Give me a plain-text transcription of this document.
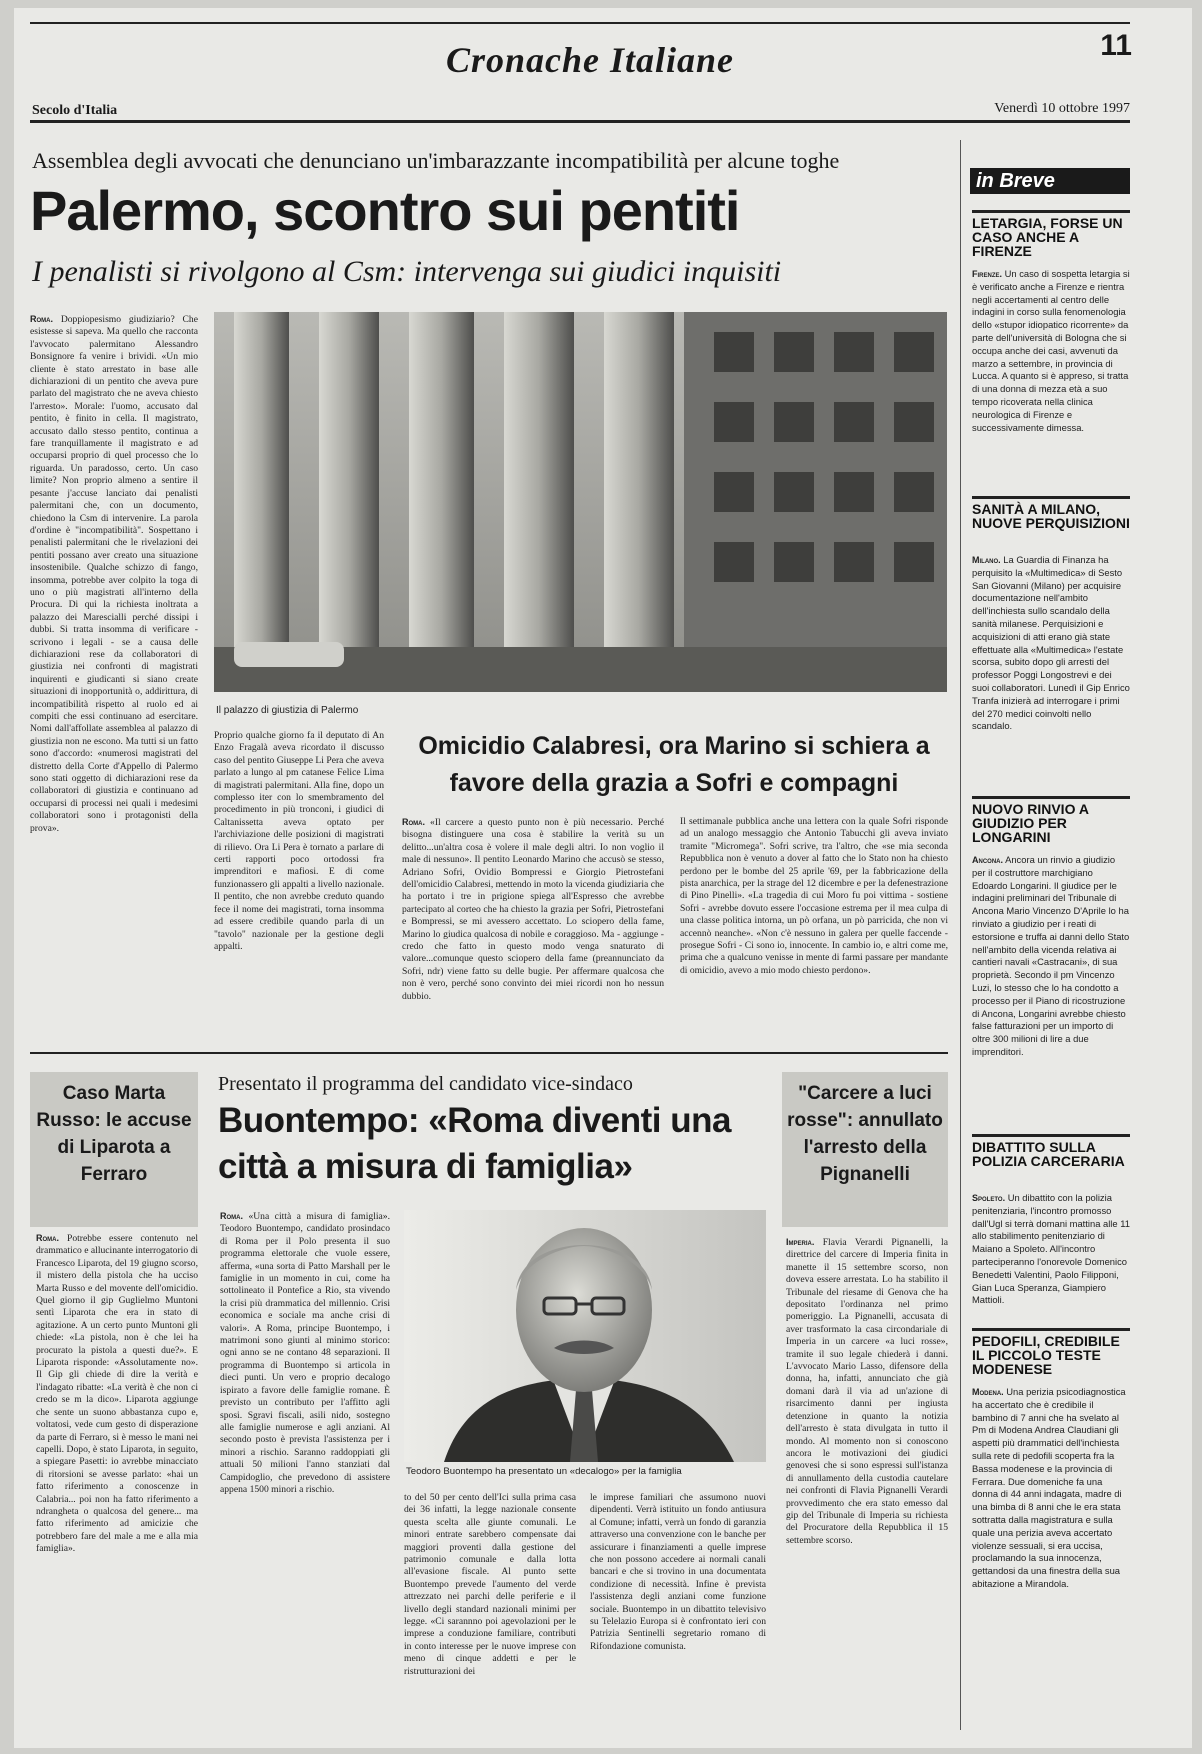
Cronache Italiane	11
Secolo d'Italia	Venerdì 10 ottobre 1997
Assemblea degli avvocati che denunciano un'imbarazzante incompatibilità per alcune toghe
Palermo, scontro sui pentiti
I penalisti si rivolgono al Csm: intervenga sui giudici inquisiti
Roma. Doppiopesismo giudiziario? Che esistesse si sapeva. Ma quello che racconta l'avvocato palermitano Alessandro Bonsignore fa venire i brividi. «Un mio cliente è stato arrestato in base alle dichiarazioni di un pentito che aveva pure parlato del magistrato che ne aveva chiesto l'arresto». Morale: l'uomo, accusato dal pentito, è finito in cella. Il magistrato, accusato dallo stesso pentito, continua a fare tranquillamente il magistrato e ad occuparsi proprio di quel processo che lo riguarda. Un paradosso, certo. Un caso limite? Non proprio almeno a sentire il pesante j'accuse lanciato dai penalisti palermitani che, con un documento, chiedono la Csm di intervenire. La parola d'ordine è "incompatibilità". Sospettano i penalisti palermitani che le rivelazioni dei pentiti possano aver creato una situazione insostenibile. Qualche schizzo di fango, insomma, potrebbe aver colpito la toga di uno o più magistrati all'interno della Procura. Di qui la richiesta inoltrata a palazzo dei Marescialli perché dissipi i dubbi. Si tratta insomma di verificare - scrivono i legali - se a causa delle dichiarazioni rese da collaboratori di giustizia nei confronti di magistrati inquirenti e giudicanti si siano create situazioni di inopportunità o, addirittura, di incompatibilità rispetto al ruolo ed ai compiti che essi continuano ad esercitare. Nomi dall'affollate assemblea al palazzo di giustizia non ne escono. Ma tutti si un fatto sono d'accordo: «numerosi magistrati del distretto della Corte d'Appello di Palermo sono stati oggetto di dichiarazioni rese da collaboratori di giustizia e continuano ad occuparsi di processi nei quali i medesimi collaboratori sono i protagonisti della prova».
Il palazzo di giustizia di Palermo
Proprio qualche giorno fa il deputato di An Enzo Fragalà aveva ricordato il discusso caso del pentito Giuseppe Li Pera che aveva parlato a lungo al pm catanese Felice Lima di magistrati palermitani. Alla fine, dopo un complesso iter con lo smembramento del procedimento in più tronconi, i giudici di Caltanissetta aveva optato per l'archiviazione delle posizioni di magistrati di rilievo. Ora Li Pera è tornato a parlare di certi rapporti poco ortodossi fra imprenditori e mafiosi. E di come funzionassero gli appalti a livello nazionale. Il pentito, che non avrebbe creduto quando fece il nome dei magistrati, torna insomma ad essere credibile quando parla di un "tavolo" nazionale per la gestione degli appalti.
Omicidio Calabresi, ora Marino si schiera a favore della grazia a Sofri e compagni
Roma. «Il carcere a questo punto non è più necessario. Perché bisogna distinguere una cosa è stabilire la verità su un delitto...un'altra cosa è volere il male degli altri. Io non voglio il male di nessuno». Il pentito Leonardo Marino che accusò se stesso, Adriano Sofri, Ovidio Bompressi e Giorgio Pietrostefani dell'omicidio Calabresi, mettendo in moto la vicenda giudiziaria che ha portato i tre in prigione spiega all'Espresso che avrebbe partecipato al corteo che ha chiesto la grazia per Sofri, Pietrostefani e Bompressi, se mi avessero accettato. Lo sciopero della fame, Marino lo giudica qualcosa di nobile e coraggioso. Ma - aggiunge - credo che fatto in questo modo venga snaturato di valore...comunque questo sciopero della fame (preannunciato da Sofri, ndr) viene fatto su delle bugie. Per affermare qualcosa che non è vero, perché sono convinto dei miei ricordi non ho nessun dubbio.
Il settimanale pubblica anche una lettera con la quale Sofri risponde ad un analogo messaggio che Antonio Tabucchi gli aveva inviato tramite "Micromega". Sofri scrive, tra l'altro, che «se mia seconda Repubblica non è venuto a dover al fatto che lo Stato non ha chiesto perdono per le bombe del 25 aprile '69, per la fabbricazione della pista anarchica, per la strage del 12 dicembre e per la defenestrazione di Pino Pinelli». «La tragedia di cui Moro fu poi vittima - sostiene Sofri - avrebbe dovuto essere l'occasione estrema per il mea culpa di una classe politica intorna, un pò orfana, un pò parricida, che non vi accennò neanche». «Non c'è nessuno in galera per quelle faccende - prosegue Sofri - Ci sono io, innocente. In cambio io, e altri come me, prima che a qualcuno venisse in mente di farmi passare per mandante di omicidio, avevo a mio modo chiesto perdono».
Caso Marta Russo: le accuse di Liparota a Ferraro
Roma. Potrebbe essere contenuto nel drammatico e allucinante interrogatorio di Francesco Liparota, del 19 giugno scorso, il mistero della pistola che ha ucciso Marta Russo e del movente dell'omicidio. Quel giorno il gip Guglielmo Muntoni sentì Liparota che era in stato di agitazione. A un certo punto Muntoni gli chiede: «La pistola, non è che lei ha procurato la pistola a questi due?». E Liparota risponde: «Assolutamente no». Il Gip gli chiede di dire la verità e l'indagato ribatte: «La verità è che non ci credo se m la dico». Liparota aggiunge che sente un suono abbastanza cupo e, voltatosi, vede cum gesto di disperazione da parte di Ferraro, si è messo le mani nei capelli. Dopo, è stato Liparota, in seguito, a spiegare Pasetti: io avrebbe minacciato di ritorsioni se avesse parlato: «hai un fatto riferimento a conoscenze in Calabria... poi non ha fatto riferimento a ndrangheta o qualcosa del genere... ma fatto riferimento ad amicizie che potrebbero fare del male a me e alla mia famiglia».
Presentato il programma del candidato vice-sindaco
Buontempo: «Roma diventi una città a misura di famiglia»
Roma. «Una città a misura di famiglia». Teodoro Buontempo, candidato prosindaco di Roma per il Polo presenta il suo programma elettorale che vuole essere, afferma, «una sorta di Patto Marshall per le famiglie in un momento in cui, come ha sottolineato il Pontefice a Rio, sta vivendo la crisi più drammatica del millennio. Crisi economica e sociale ma anche crisi di valori». A Roma, principe Buontempo, i matrimoni sono giunti al minimo storico: ogni anno se ne contano 48 separazioni. Il programma di Buontempo si articola in dieci punti. Un vero e proprio decalogo ispirato a favore delle famiglie romane. È previsto un contributo per l'affitto agli sposi. Sgravi fiscali, asili nido, sostegno alle famiglie numerose e agli anziani. Al secondo posto è prevista l'assistenza per i minori a rischio. Saranno raddoppiati gli attuali 50 milioni l'anno stanziati dal Campidoglio, che prevedono di assistere appena 1500 minori a rischio.
Teodoro Buontempo ha presentato un «decalogo» per la famiglia
to del 50 per cento dell'Ici sulla prima casa dei 36 infatti, la legge nazionale consente questa scelta alle giunte comunali. Le minori entrate sarebbero compensate dai maggiori proventi dalla gestione del patrimonio comunale e dalla lotta all'evasione fiscale. Al punto sette Buontempo prevede l'aumento del verde attrezzato nei parchi delle periferie e il livello degli standard nazionali minimi per legge. «Ci sarannno poi agevolazioni per le imprese a conduzione familiare, contributi in conto interesse per le nuove imprese con meno di cinque addetti e per le ristrutturazioni dei
le imprese familiari che assumono nuovi dipendenti. Verrà istituito un fondo antiusura al Comune; infatti, verrà un fondo di garanzia attraverso una convenzione con le banche per assicurare i finanziamenti a quelle imprese che non possono accedere ai normali canali bancari e che si trovino in una documentata condizione di necessità. Infine è prevista l'assistenza degli anziani come funzione sociale. Buontempo in un dibattito televisivo su Telelazio Europa si è confrontato ieri con Patrizia Sentinelli segretario romano di Rifondazione comunista.
"Carcere a luci rosse": annullato l'arresto della Pignanelli
Imperia. Flavia Verardi Pignanelli, la direttrice del carcere di Imperia finita in manette il 15 settembre scorso, non doveva essere arrestata. Lo ha stabilito il Tribunale del riesame di Genova che ha depositato l'ordinanza nel primo pomeriggio. La Pignanelli, accusata di aver trasformato la casa circondariale di Imperia in un carcere «a luci rosse», tramite il suo legale chiederà i danni. L'avvocato Mario Lasso, difensore della donna, ha, infatti, annunciato che già domani darà il via ad un'azione di risarcimento danni per ingiusta detenzione in quanto la notizia dell'arresto è stata divulgata in tutto il mondo. Al momento non si conoscono ancora le motivazioni dei giudici genovesi che si sono espressi sull'istanza di annullamento della custodia cautelare nei confronti di Flavia Pignanelli Verardi provvedimento che era stato emesso dal gip del Tribunale di Imperia su richiesta del Procuratore della Repubblica il 15 settembre scorso.
in Breve
LETARGIA, FORSE UN CASO ANCHE A FIRENZE
Firenze. Un caso di sospetta letargia si è verificato anche a Firenze e rientra negli accertamenti al centro delle indagini in corso sulla fenomenologia dello «stupor idiopatico ricorrente» da parte dell'università di Bologna che si occupa anche dei casi, avvenuti da marzo a settembre, in provincia di Lucca. A quanto si è appreso, si tratta di una donna di mezza età a suo tempo ricoverata nella clinica neurologica di Firenze e successivamente dimessa.
SANITÀ A MILANO, NUOVE PERQUISIZIONI
Milano. La Guardia di Finanza ha perquisito la «Multimedica» di Sesto San Giovanni (Milano) per acquisire documentazione nell'ambito dell'inchiesta sullo scandalo della sanità milanese. Perquisizioni e acquisizioni di atti erano già state effettuate alla «Multimedica» l'estate scorsa, subito dopo gli arresti del professor Poggi Longostrevi e dei suoi collaboratori. Lunedì il Gip Enrico Tranfa inizierà ad interrogare i primi del 270 medici coinvolti nello scandalo.
NUOVO RINVIO A GIUDIZIO PER LONGARINI
Ancona. Ancora un rinvio a giudizio per il costruttore marchigiano Edoardo Longarini. Il giudice per le indagini preliminari del Tribunale di Ancona Mario Vincenzo D'Aprile lo ha rinviato a giudizio per i reati di estorsione e truffa ai danni dello Stato nell'ambito della vicenda relativa ai cantieri navali «Castracani», di sua proprietà. Secondo il pm Vincenzo Luzi, lo stesso che lo ha condotto a processo per il Piano di ricostruzione di Ancona, Longarini avrebbe chiesto false fatturazioni per un importo di oltre 300 milioni di lire a due imprenditori.
DIBATTITO SULLA POLIZIA CARCERARIA
Spoleto. Un dibattito con la polizia penitenziaria, l'incontro promosso dall'Ugl si terrà domani mattina alle 11 allo stabilimento penitenziario di Maiano a Spoleto. All'incontro parteciperanno l'onorevole Domenico Benedetti Valentini, Paolo Filipponi, Gian Luca Speranza, Giampiero Mattioli.
PEDOFILI, CREDIBILE IL PICCOLO TESTE MODENESE
Modena. Una perizia psicodiagnostica ha accertato che è credibile il bambino di 7 anni che ha svelato al Pm di Modena Andrea Claudiani gli aspetti più drammatici dell'inchiesta sulla rete di pedofili scoperta fra la Bassa modenese e la provincia di Ferrara. Due domeniche fa una donna di 44 anni indagata, madre di una bimba di 8 anni che le era stata sottratta dalla magistratura e sulla quale una perizia aveva accertato violenze sessuali, si era uccisa, proclamando la sua innocenza, gettandosi da una finestra della sua abitazione a Mirandola.
